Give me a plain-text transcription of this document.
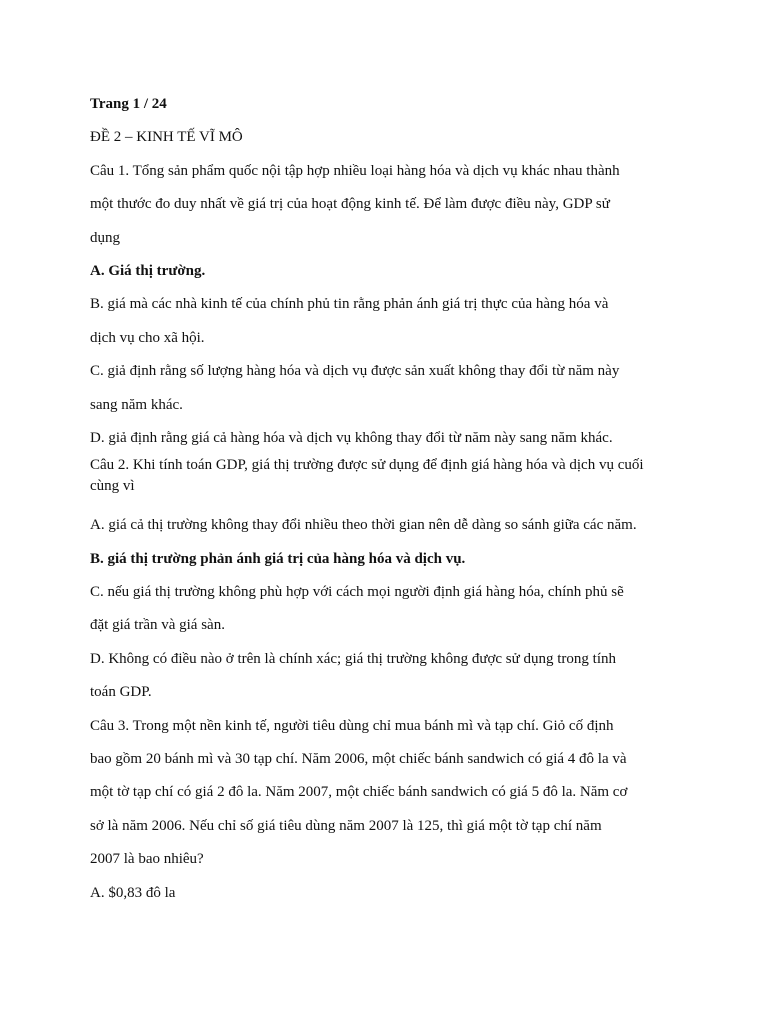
Trang 1 / 24
ĐỀ 2 – KINH TẾ VĨ MÔ
Câu 1. Tổng sản phẩm quốc nội tập hợp nhiều loại hàng hóa và dịch vụ khác nhau thành
một thước đo duy nhất về giá trị của hoạt động kinh tế. Để làm được điều này, GDP sử
dụng
A. Giá thị trường.
B. giá mà các nhà kinh tế của chính phủ tin rằng phản ánh giá trị thực của hàng hóa và
dịch vụ cho xã hội.
C. giả định rằng số lượng hàng hóa và dịch vụ được sản xuất không thay đổi từ năm này
sang năm khác.
D. giả định rằng giá cả hàng hóa và dịch vụ không thay đổi từ năm này sang năm khác.
Câu 2. Khi tính toán GDP, giá thị trường được sử dụng để định giá hàng hóa và dịch vụ cuối
cùng vì
A. giá cả thị trường không thay đổi nhiều theo thời gian nên dễ dàng so sánh giữa các năm.
B. giá thị trường phản ánh giá trị của hàng hóa và dịch vụ.
C. nếu giá thị trường không phù hợp với cách mọi người định giá hàng hóa, chính phủ sẽ
đặt giá trần và giá sàn.
D. Không có điều nào ở trên là chính xác; giá thị trường không được sử dụng trong tính
toán GDP.
Câu 3. Trong một nền kinh tế, người tiêu dùng chỉ mua bánh mì và tạp chí. Giỏ cố định
bao gồm 20 bánh mì và 30 tạp chí. Năm 2006, một chiếc bánh sandwich có giá 4 đô la và
một tờ tạp chí có giá 2 đô la. Năm 2007, một chiếc bánh sandwich có giá 5 đô la. Năm cơ
sở là năm 2006. Nếu chỉ số giá tiêu dùng năm 2007 là 125, thì giá một tờ tạp chí năm
2007 là bao nhiêu?
A. $0,83 đô la
